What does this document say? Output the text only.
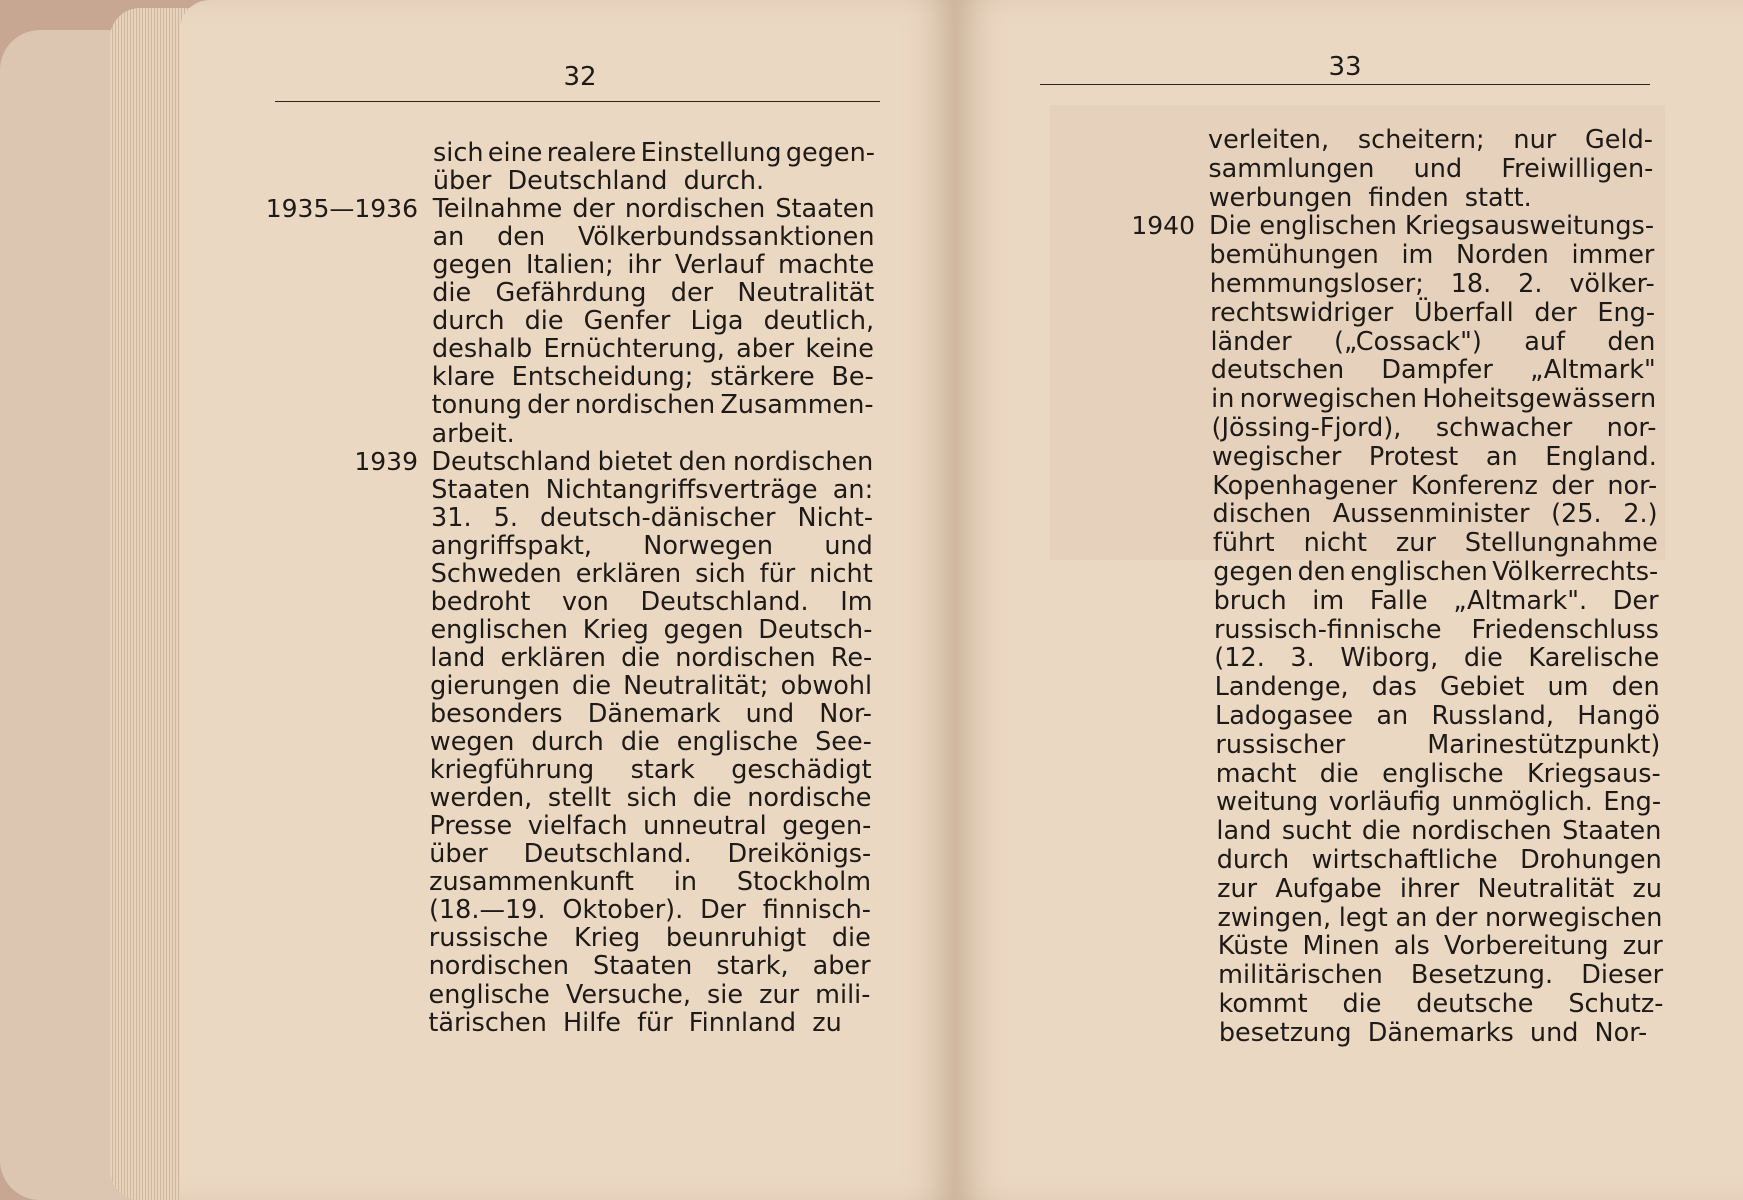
32	33
sich eine realere Einstellung gegen-
über Deutschland durch.
1935—1936 Teilnahme der nordischen Staaten
an den Völkerbundssanktionen
gegen Italien; ihr Verlauf machte
die Gefährdung der Neutralität
durch die Genfer Liga deutlich,
deshalb Ernüchterung, aber keine
klare Entscheidung; stärkere Be-
tonung der nordischen Zusammen-
arbeit.
1939 Deutschland bietet den nordischen
Staaten Nichtangriffsverträge an:
31. 5. deutsch-dänischer Nicht-
angriffspakt, Norwegen und
Schweden erklären sich für nicht
bedroht von Deutschland. Im
englischen Krieg gegen Deutsch-
land erklären die nordischen Re-
gierungen die Neutralität; obwohl
besonders Dänemark und Nor-
wegen durch die englische See-
kriegführung stark geschädigt
werden, stellt sich die nordische
Presse vielfach unneutral gegen-
über Deutschland. Dreikönigs-
zusammenkunft in Stockholm
(18.—19. Oktober). Der finnisch-
russische Krieg beunruhigt die
nordischen Staaten stark, aber
englische Versuche, sie zur mili-
tärischen Hilfe für Finnland zu
verleiten, scheitern; nur Geld-
sammlungen und Freiwilligen-
werbungen finden statt.
1940 Die englischen Kriegsausweitungs-
bemühungen im Norden immer
hemmungsloser; 18. 2. völker-
rechtswidriger Überfall der Eng-
länder („Cossack") auf den
deutschen Dampfer „Altmark"
in norwegischen Hoheitsgewässern
(Jössing-Fjord), schwacher nor-
wegischer Protest an England.
Kopenhagener Konferenz der nor-
dischen Aussenminister (25. 2.)
führt nicht zur Stellungnahme
gegen den englischen Völkerrechts-
bruch im Falle „Altmark". Der
russisch-finnische Friedenschluss
(12. 3. Wiborg, die Karelische
Landenge, das Gebiet um den
Ladogasee an Russland, Hangö
russischer	Marinestützpunkt)
macht die englische Kriegsaus-
weitung vorläufig unmöglich. Eng-
land sucht die nordischen Staaten
durch wirtschaftliche Drohungen
zur Aufgabe ihrer Neutralität zu
zwingen, legt an der norwegischen
Küste Minen als Vorbereitung zur
militärischen Besetzung. Dieser
kommt die deutsche Schutz-
besetzung Dänemarks und Nor-
